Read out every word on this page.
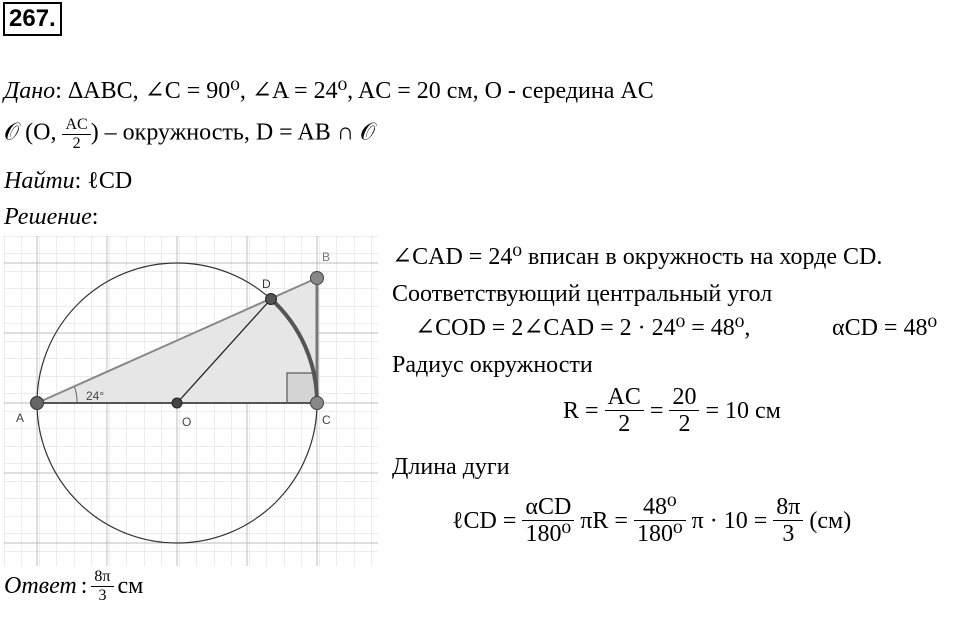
267.
Дано: ΔABC, ∠C = 90⁰, ∠A = 24⁰, AC = 20 см, O - середина AC
𝒪 (O, $\frac{AC}{2}$ ) – окружность, D = AB ∩ 𝒪
Найти: ℓCD
Решение:
A	C
B
O
D
24°
∠CAD = 24⁰ вписан в окружность на хорде CD.
Соответствующий центральный угол
∠COD = 2∠CAD = 2 · 24⁰ = 48⁰,	αCD = 48⁰
Радиус окружности
$R = \frac{AC}{2} = \frac{20}{2} = 10$ см
Длина дуги
ℓCD = $\frac{\text{αCD}}{\text{180⁰}}$ $\pi R = \frac{\text{48⁰}}{\text{180⁰}}$ $\pi \cdot 10 = \frac{8\pi}{3} (см)$
Ответ : $\frac{8\pi}{3}$ см
